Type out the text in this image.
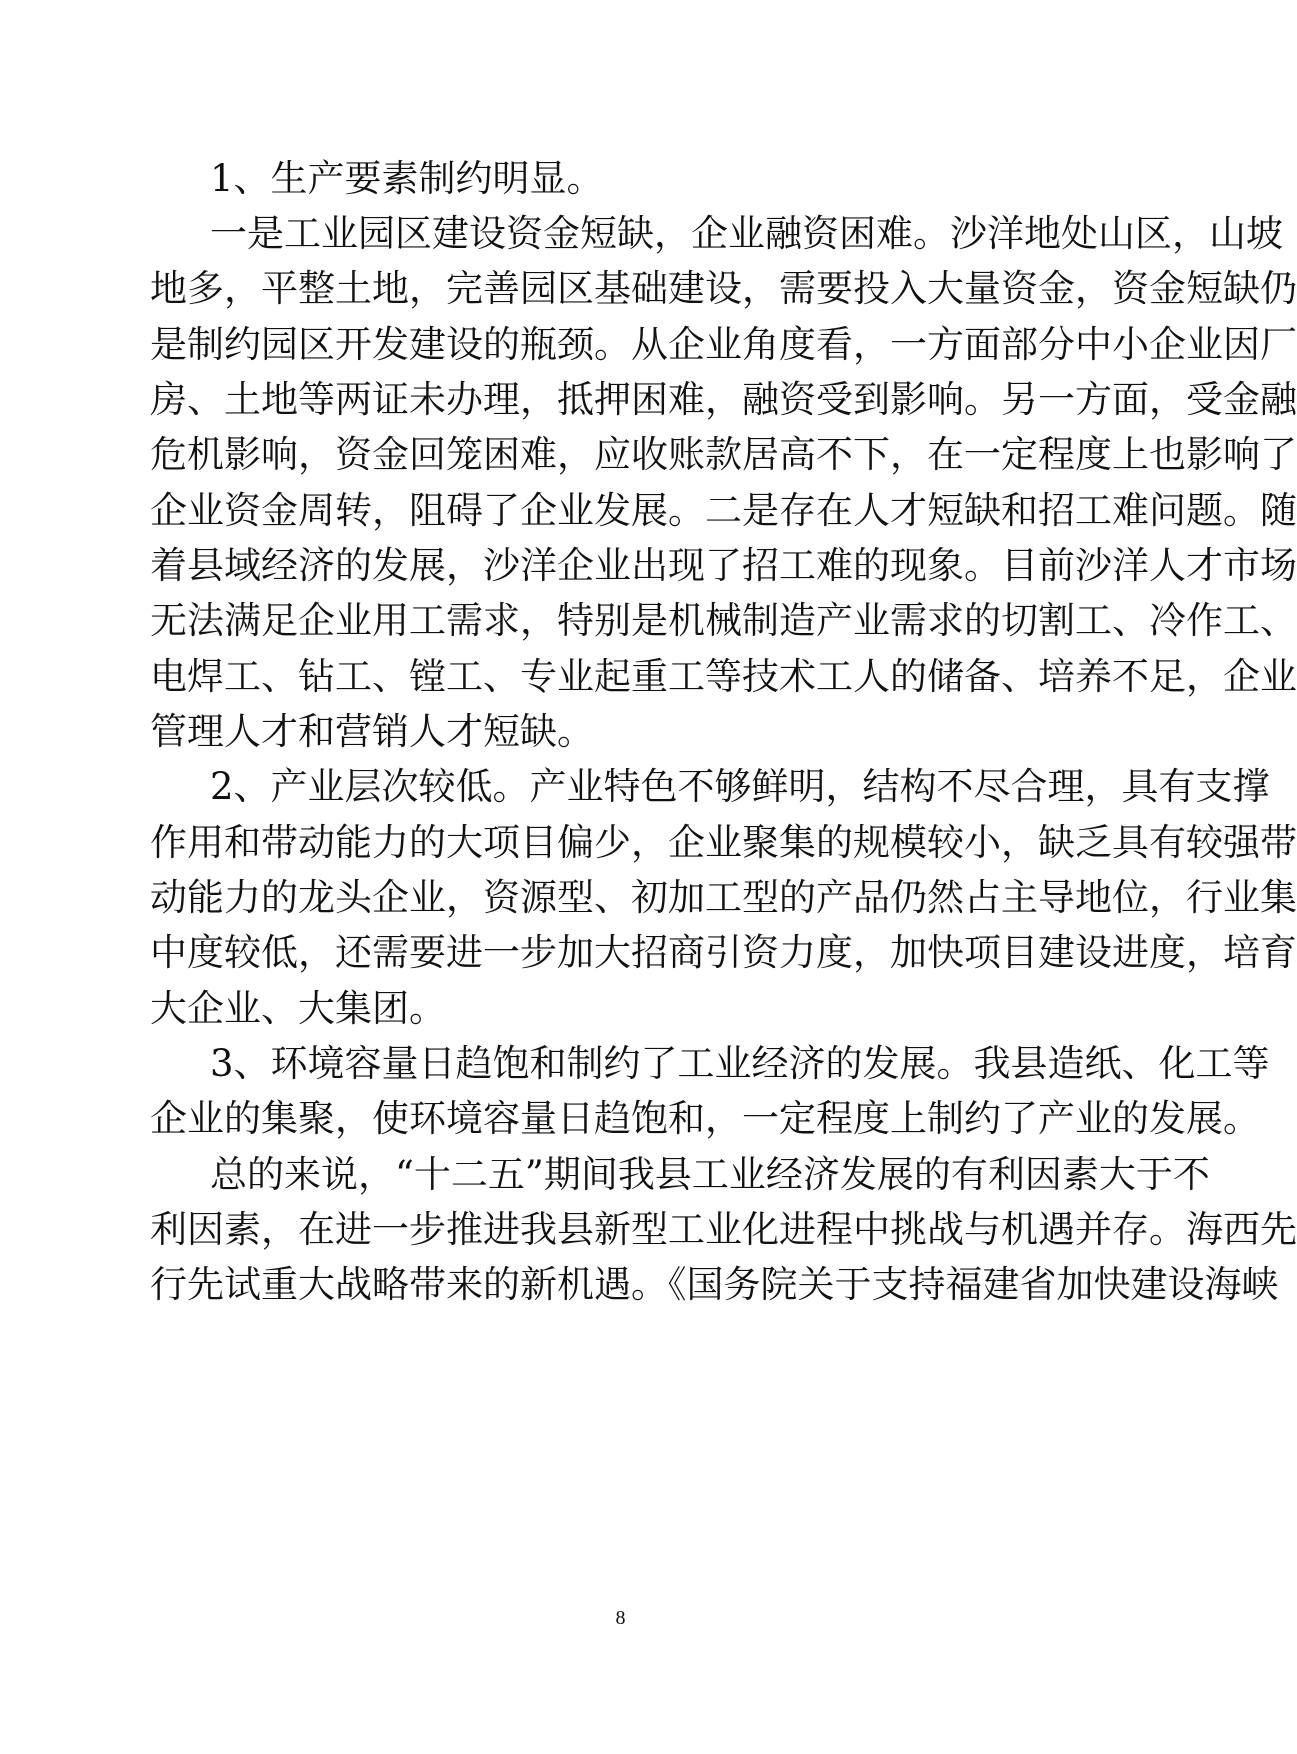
1、生产要素制约明显。
一是工业园区建设资金短缺，企业融资困难。沙洋地处山区，山坡
地多，平整土地，完善园区基础建设，需要投入大量资金，资金短缺仍
是制约园区开发建设的瓶颈。从企业角度看，一方面部分中小企业因厂
房、土地等两证未办理，抵押困难，融资受到影响。另一方面，受金融
危机影响，资金回笼困难，应收账款居高不下，在一定程度上也影响了
企业资金周转，阻碍了企业发展。二是存在人才短缺和招工难问题。随
着县域经济的发展，沙洋企业出现了招工难的现象。目前沙洋人才市场
无法满足企业用工需求，特别是机械制造产业需求的切割工、冷作工、
电焊工、钻工、镗工、专业起重工等技术工人的储备、培养不足，企业
管理人才和营销人才短缺。
2、产业层次较低。产业特色不够鲜明，结构不尽合理，具有支撑
作用和带动能力的大项目偏少，企业聚集的规模较小，缺乏具有较强带
动能力的龙头企业，资源型、初加工型的产品仍然占主导地位，行业集
中度较低，还需要进一步加大招商引资力度，加快项目建设进度，培育
大企业、大集团。
3、环境容量日趋饱和制约了工业经济的发展。我县造纸、化工等
企业的集聚，使环境容量日趋饱和，一定程度上制约了产业的发展。
总的来说，“十二五”期间我县工业经济发展的有利因素大于不
利因素，在进一步推进我县新型工业化进程中挑战与机遇并存。海西先
行先试重大战略带来的新机遇。《国务院关于支持福建省加快建设海峡
8
